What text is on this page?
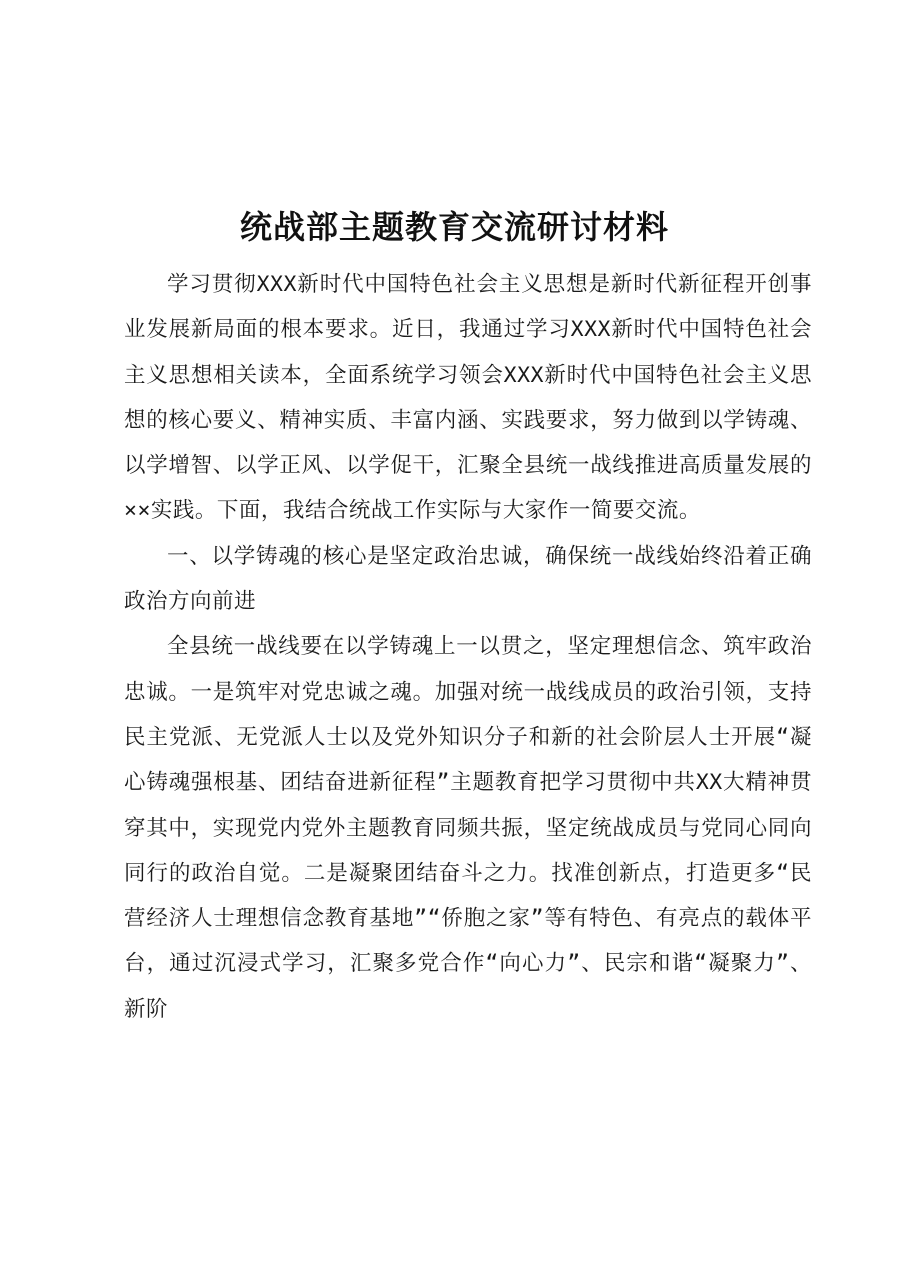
统战部主题教育交流研讨材料

学习贯彻XXX新时代中国特色社会主义思想是新时代新征程开创事业发展新局面的根本要求。近日，我通过学习XXX新时代中国特色社会主义思想相关读本，全面系统学习领会XXX新时代中国特色社会主义思想的核心要义、精神实质、丰富内涵、实践要求，努力做到以学铸魂、以学增智、以学正风、以学促干，汇聚全县统一战线推进高质量发展的××实践。下面，我结合统战工作实际与大家作一简要交流。

一、以学铸魂的核心是坚定政治忠诚，确保统一战线始终沿着正确政治方向前进

全县统一战线要在以学铸魂上一以贯之，坚定理想信念、筑牢政治忠诚。一是筑牢对党忠诚之魂。加强对统一战线成员的政治引领，支持民主党派、无党派人士以及党外知识分子和新的社会阶层人士开展“凝心铸魂强根基、团结奋进新征程”主题教育把学习贯彻中共XX大精神贯穿其中，实现党内党外主题教育同频共振，坚定统战成员与党同心同向同行的政治自觉。二是凝聚团结奋斗之力。找准创新点，打造更多“民营经济人士理想信念教育基地”“侨胞之家”等有特色、有亮点的载体平台，通过沉浸式学习，汇聚多党合作“向心力”、民宗和谐“凝聚力”、新阶
